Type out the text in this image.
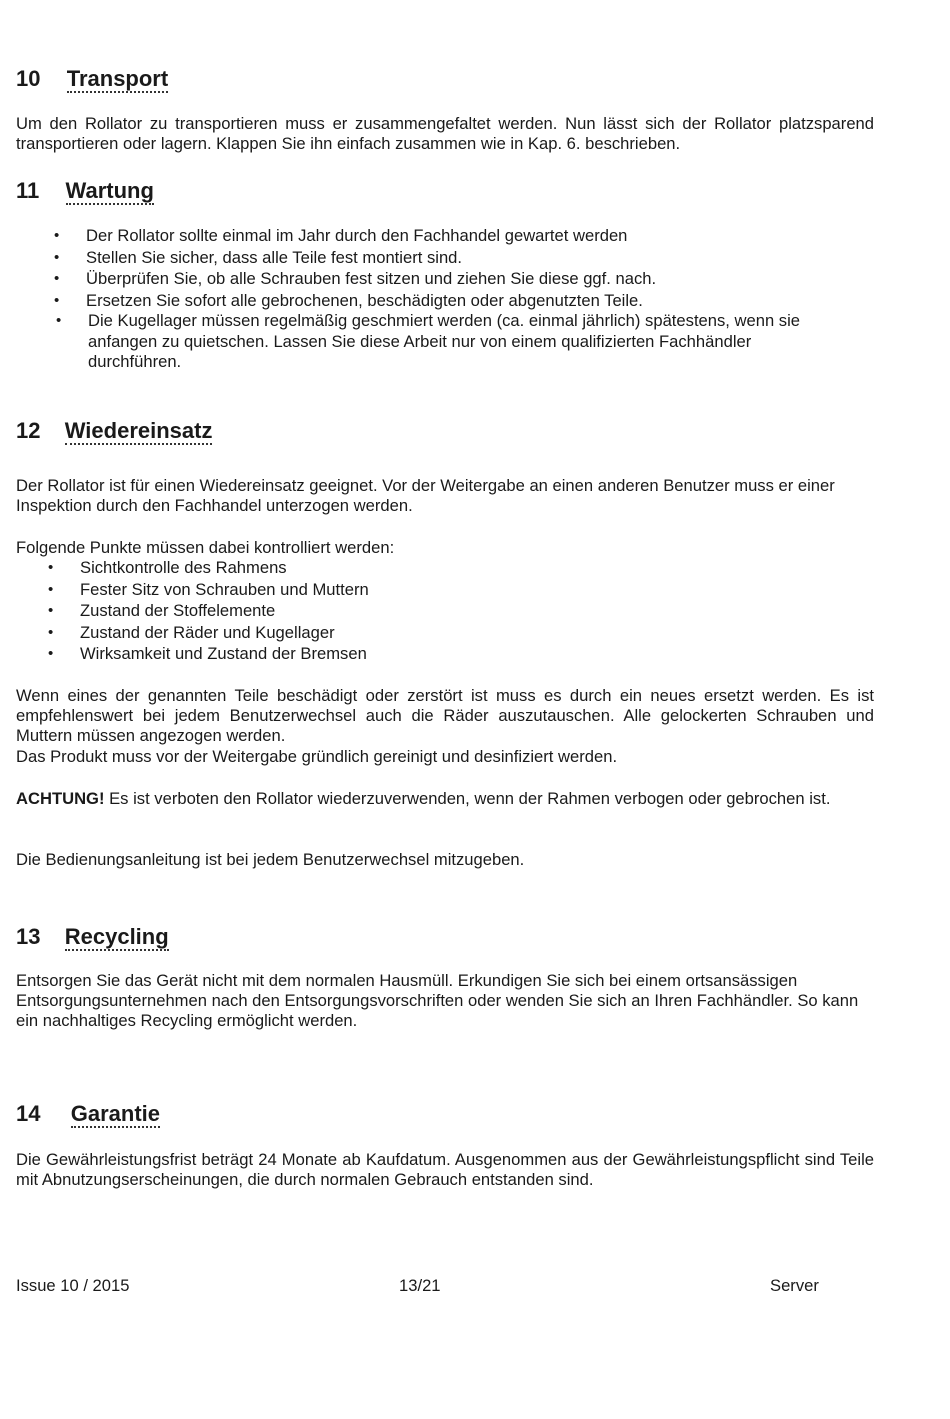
10 Transport
Um den Rollator zu transportieren muss er zusammengefaltet werden. Nun lässt sich der Rollator platzsparend transportieren oder lagern. Klappen Sie ihn einfach zusammen wie in Kap. 6. beschrieben.
11 Wartung
• Der Rollator sollte einmal im Jahr durch den Fachhandel gewartet werden
• Stellen Sie sicher, dass alle Teile fest montiert sind.
• Überprüfen Sie, ob alle Schrauben fest sitzen und ziehen Sie diese ggf. nach.
• Ersetzen Sie sofort alle gebrochenen, beschädigten oder abgenutzten Teile.
• Die Kugellager müssen regelmäßig geschmiert werden (ca. einmal jährlich) spätestens, wenn sie anfangen zu quietschen. Lassen Sie diese Arbeit nur von einem qualifizierten Fachhändler durchführen.
12 Wiedereinsatz
Der Rollator ist für einen Wiedereinsatz geeignet. Vor der Weitergabe an einen anderen Benutzer muss er einer Inspektion durch den Fachhandel unterzogen werden.
Folgende Punkte müssen dabei kontrolliert werden:
• Sichtkontrolle des Rahmens
• Fester Sitz von Schrauben und Muttern
• Zustand der Stoffelemente
• Zustand der Räder und Kugellager
• Wirksamkeit und Zustand der Bremsen
Wenn eines der genannten Teile beschädigt oder zerstört ist muss es durch ein neues ersetzt werden. Es ist empfehlenswert bei jedem Benutzerwechsel auch die Räder auszutauschen. Alle gelockerten Schrauben und Muttern müssen angezogen werden.
Das Produkt muss vor der Weitergabe gründlich gereinigt und desinfiziert werden.
ACHTUNG! Es ist verboten den Rollator wiederzuverwenden, wenn der Rahmen verbogen oder gebrochen ist.
Die Bedienungsanleitung ist bei jedem Benutzerwechsel mitzugeben.
13 Recycling
Entsorgen Sie das Gerät nicht mit dem normalen Hausmüll. Erkundigen Sie sich bei einem ortsansässigen Entsorgungsunternehmen nach den Entsorgungsvorschriften oder wenden Sie sich an Ihren Fachhändler. So kann ein nachhaltiges Recycling ermöglicht werden.
14 Garantie
Die Gewährleistungsfrist beträgt 24 Monate ab Kaufdatum. Ausgenommen aus der Gewährleistungspflicht sind Teile mit Abnutzungserscheinungen, die durch normalen Gebrauch entstanden sind.
Issue 10 / 2015	13/21	Server
